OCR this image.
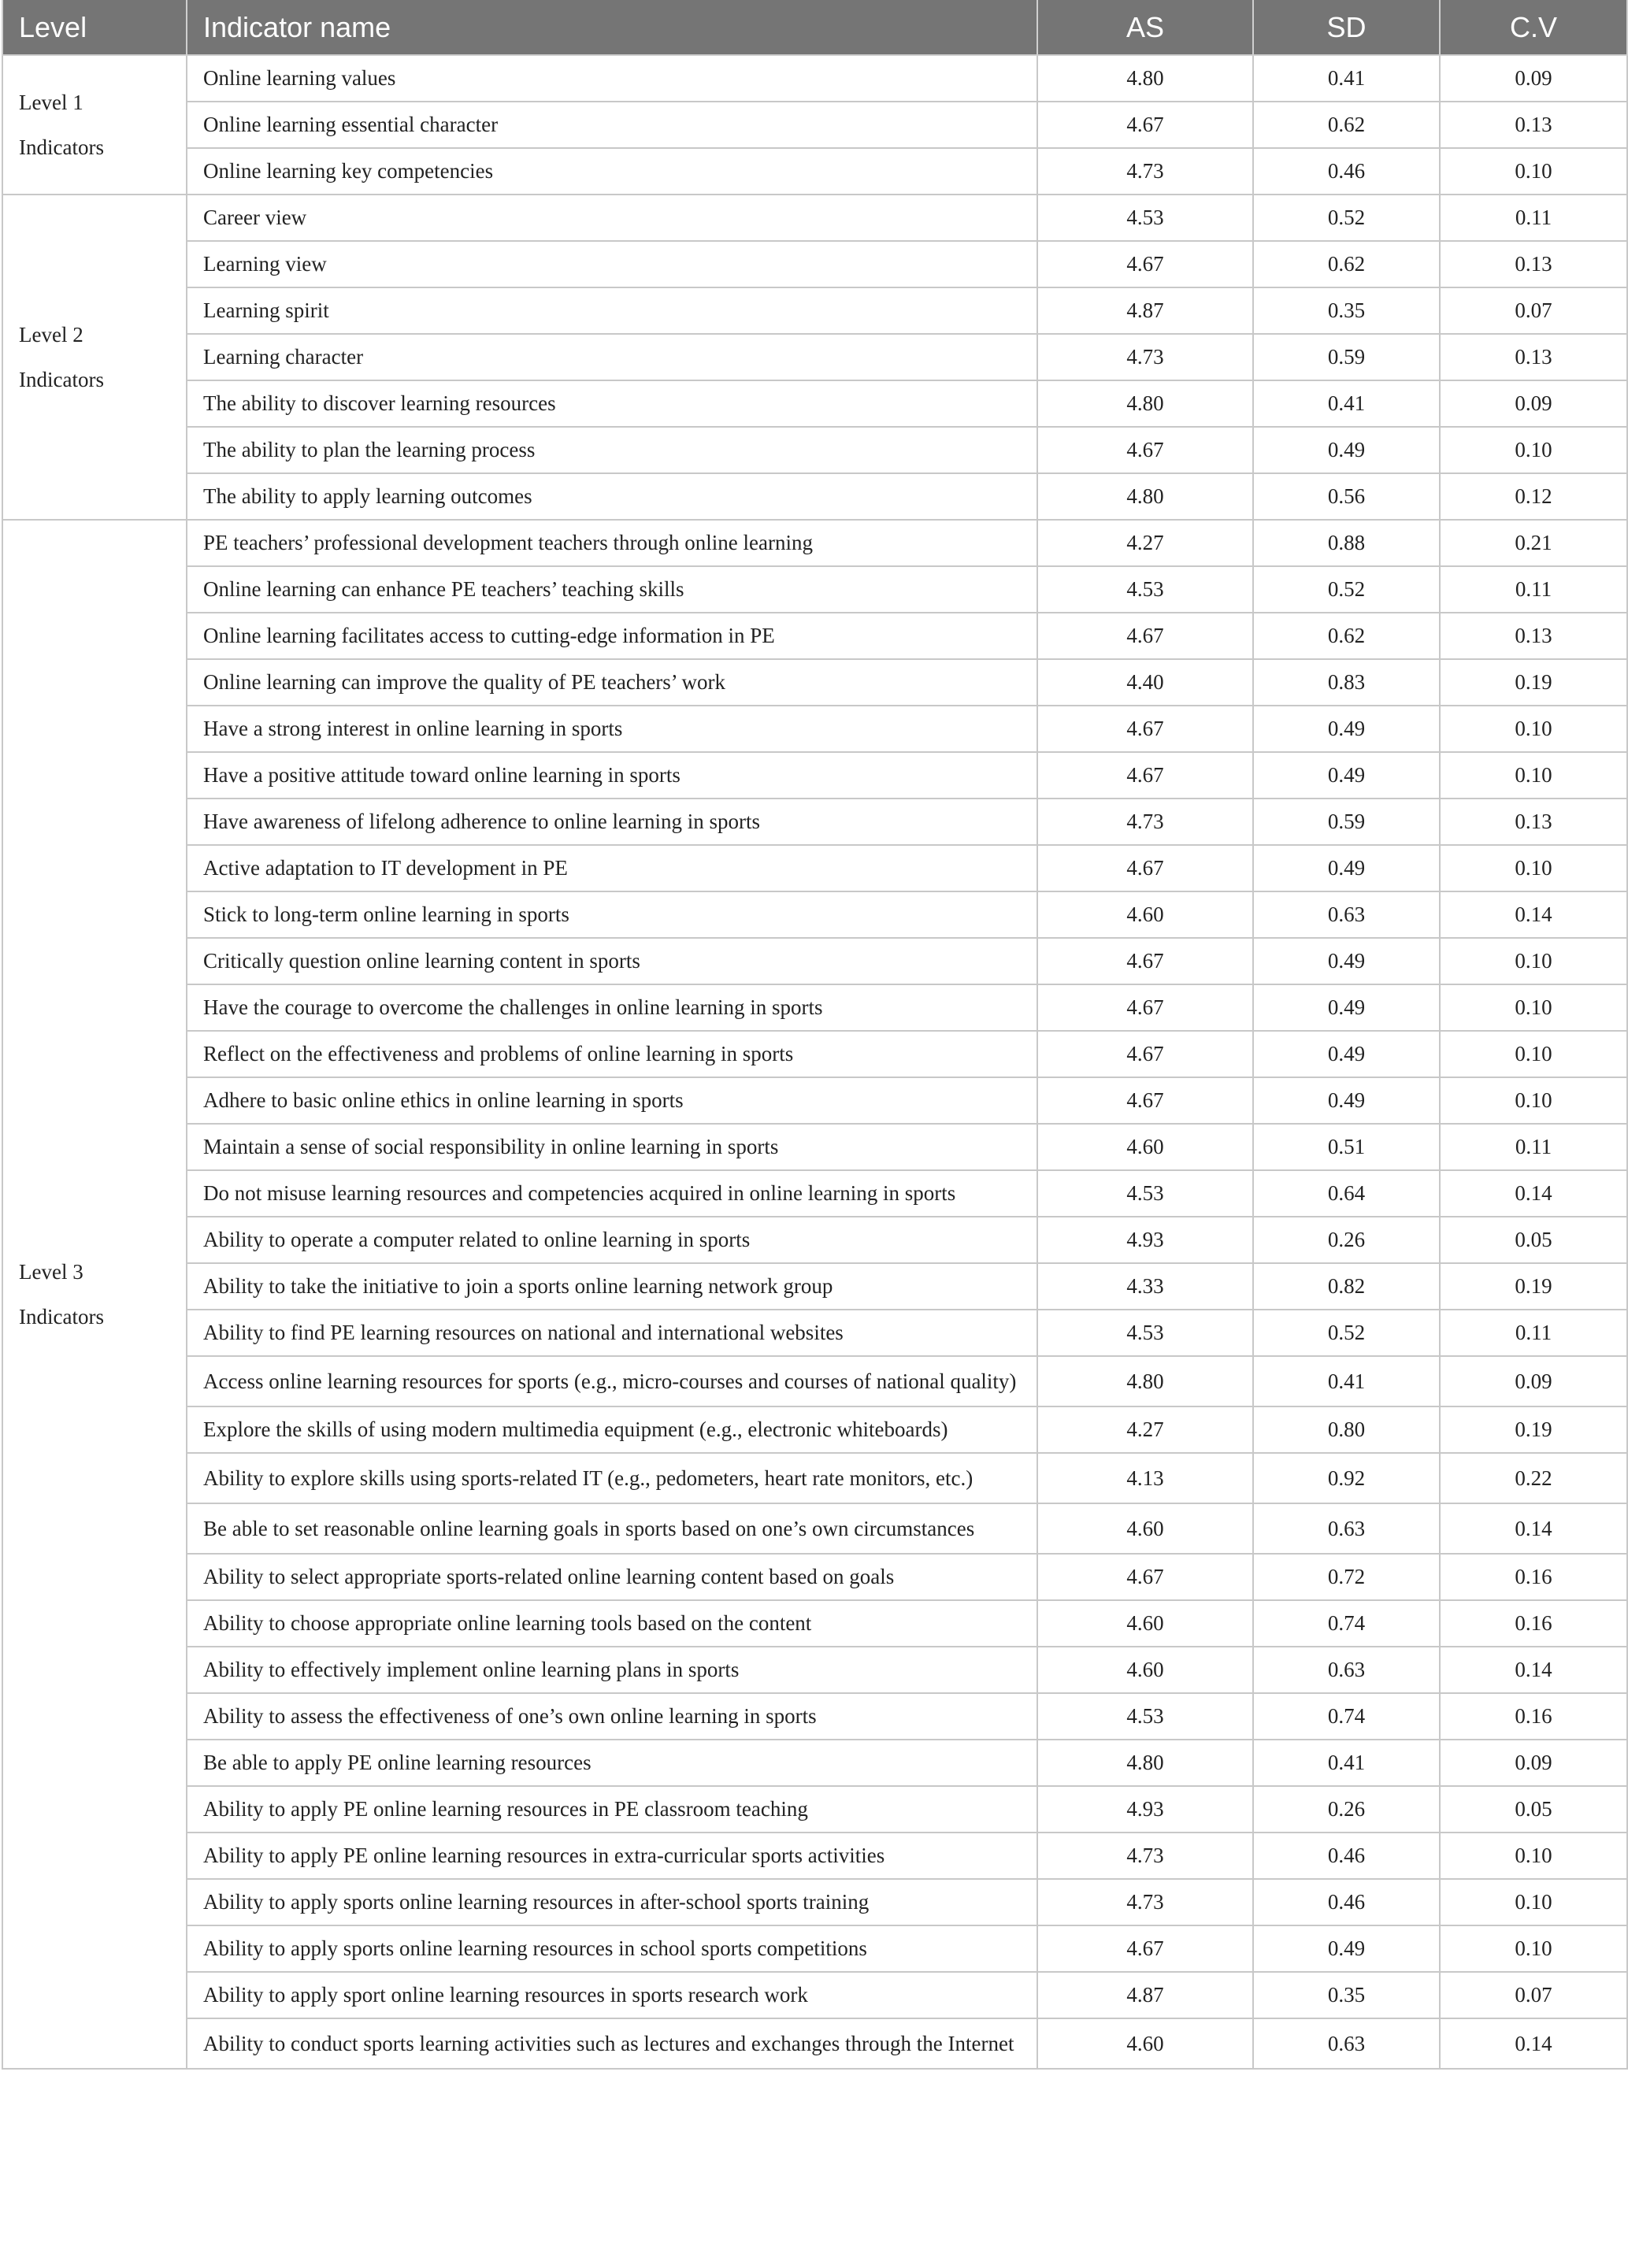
Level	Indicator name	AS	SD	C.V
Level 1 Indicators	Online learning values	4.80	0.41	0.09
	Online learning essential character	4.67	0.62	0.13
	Online learning key competencies	4.73	0.46	0.10
Level 2 Indicators	Career view	4.53	0.52	0.11
	Learning view	4.67	0.62	0.13
	Learning spirit	4.87	0.35	0.07
	Learning character	4.73	0.59	0.13
	The ability to discover learning resources	4.80	0.41	0.09
	The ability to plan the learning process	4.67	0.49	0.10
	The ability to apply learning outcomes	4.80	0.56	0.12
Level 3 Indicators	PE teachers’ professional development teachers through online learning	4.27	0.88	0.21
	Online learning can enhance PE teachers’ teaching skills	4.53	0.52	0.11
	Online learning facilitates access to cutting-edge information in PE	4.67	0.62	0.13
	Online learning can improve the quality of PE teachers’ work	4.40	0.83	0.19
	Have a strong interest in online learning in sports	4.67	0.49	0.10
	Have a positive attitude toward online learning in sports	4.67	0.49	0.10
	Have awareness of lifelong adherence to online learning in sports	4.73	0.59	0.13
	Active adaptation to IT development in PE	4.67	0.49	0.10
	Stick to long-term online learning in sports	4.60	0.63	0.14
	Critically question online learning content in sports	4.67	0.49	0.10
	Have the courage to overcome the challenges in online learning in sports	4.67	0.49	0.10
	Reflect on the effectiveness and problems of online learning in sports	4.67	0.49	0.10
	Adhere to basic online ethics in online learning in sports	4.67	0.49	0.10
	Maintain a sense of social responsibility in online learning in sports	4.60	0.51	0.11
	Do not misuse learning resources and competencies acquired in online learning in sports	4.53	0.64	0.14
	Ability to operate a computer related to online learning in sports	4.93	0.26	0.05
	Ability to take the initiative to join a sports online learning network group	4.33	0.82	0.19
	Ability to find PE learning resources on national and international websites	4.53	0.52	0.11
	Access online learning resources for sports (e.g., micro-courses and courses of national quality)	4.80	0.41	0.09
	Explore the skills of using modern multimedia equipment (e.g., electronic whiteboards)	4.27	0.80	0.19
	Ability to explore skills using sports-related IT (e.g., pedometers, heart rate monitors, etc.)	4.13	0.92	0.22
	Be able to set reasonable online learning goals in sports based on one’s own circumstances	4.60	0.63	0.14
	Ability to select appropriate sports-related online learning content based on goals	4.67	0.72	0.16
	Ability to choose appropriate online learning tools based on the content	4.60	0.74	0.16
	Ability to effectively implement online learning plans in sports	4.60	0.63	0.14
	Ability to assess the effectiveness of one’s own online learning in sports	4.53	0.74	0.16
	Be able to apply PE online learning resources	4.80	0.41	0.09
	Ability to apply PE online learning resources in PE classroom teaching	4.93	0.26	0.05
	Ability to apply PE online learning resources in extra-curricular sports activities	4.73	0.46	0.10
	Ability to apply sports online learning resources in after-school sports training	4.73	0.46	0.10
	Ability to apply sports online learning resources in school sports competitions	4.67	0.49	0.10
	Ability to apply sport online learning resources in sports research work	4.87	0.35	0.07
	Ability to conduct sports learning activities such as lectures and exchanges through the Internet	4.60	0.63	0.14
